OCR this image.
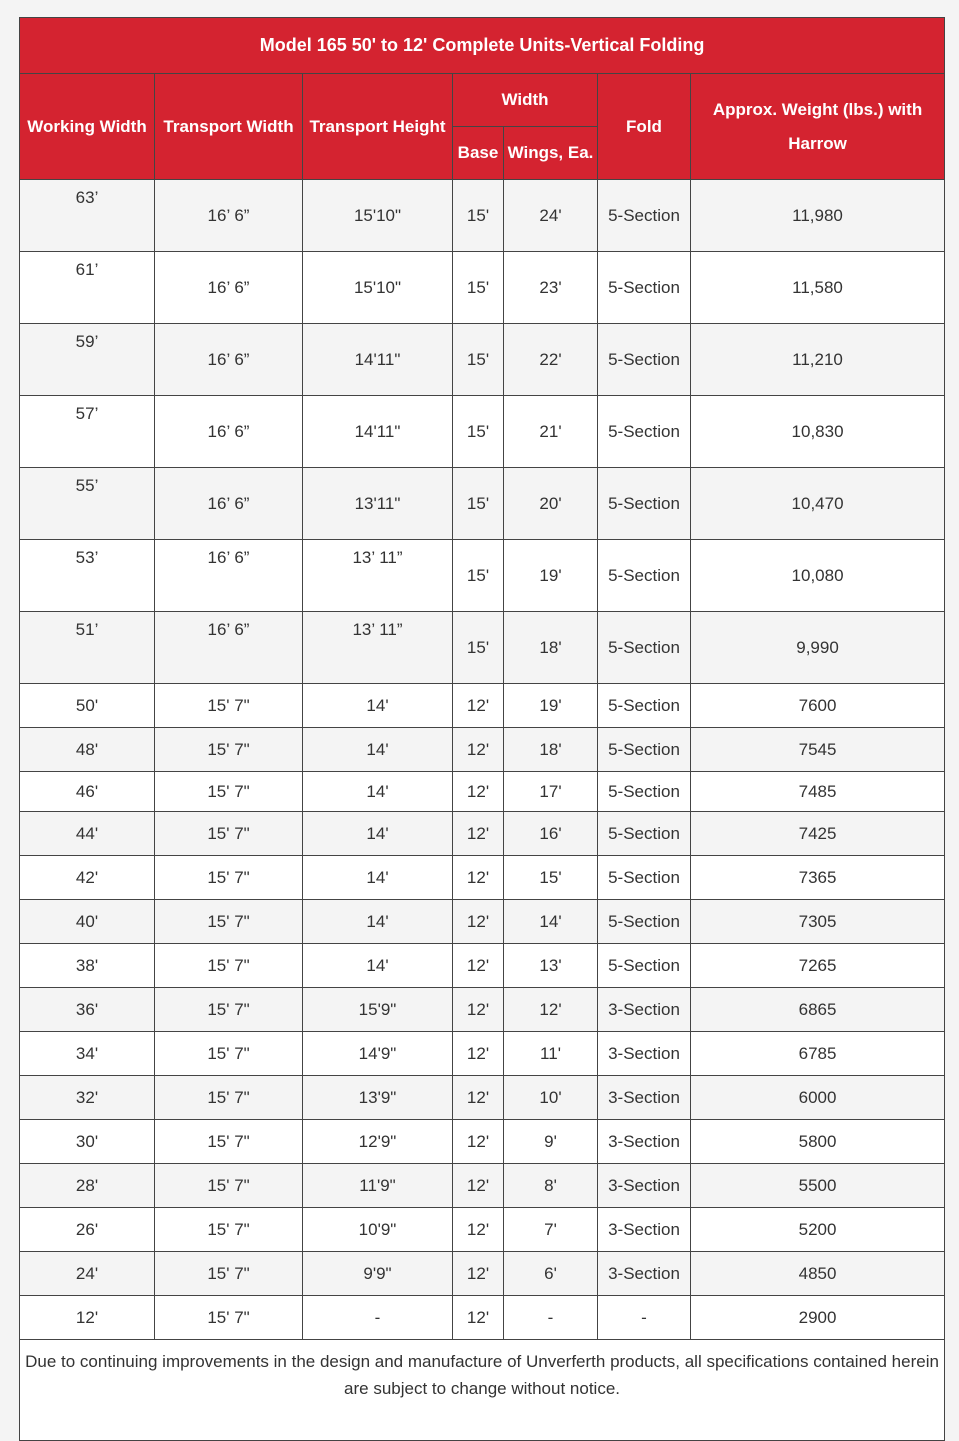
Model 165 50' to 12' Complete Units-Vertical Folding						
Working Width	Transport Width	Transport Height	Width		Fold	Approx. Weight (lbs.) with Harrow
			Base	Wings, Ea.		
63’	16’ 6”	15'10"	15'	24'	5-Section	11,980
61’	16’ 6”	15'10"	15'	23'	5-Section	11,580
59’	16’ 6”	14'11"	15'	22'	5-Section	11,210
57’	16’ 6”	14'11"	15'	21'	5-Section	10,830
55’	16’ 6”	13'11"	15'	20'	5-Section	10,470
53’	16’ 6”	13’ 11”	15'	19'	5-Section	10,080
51’	16’ 6”	13’ 11”	15'	18'	5-Section	9,990
50'	15' 7"	14'	12'	19'	5-Section	7600
48'	15' 7"	14'	12'	18'	5-Section	7545
46'	15' 7"	14'	12'	17'	5-Section	7485
44'	15' 7"	14'	12'	16'	5-Section	7425
42'	15' 7"	14'	12'	15'	5-Section	7365
40'	15' 7"	14'	12'	14'	5-Section	7305
38'	15' 7"	14'	12'	13'	5-Section	7265
36'	15' 7"	15'9"	12'	12'	3-Section	6865
34'	15' 7"	14'9"	12'	11'	3-Section	6785
32'	15' 7"	13'9"	12'	10'	3-Section	6000
30'	15' 7"	12'9"	12'	9'	3-Section	5800
28'	15' 7"	11'9"	12'	8'	3-Section	5500
26'	15' 7"	10'9"	12'	7'	3-Section	5200
24'	15' 7"	9'9"	12'	6'	3-Section	4850
12'	15' 7"	-	12'	-	-	2900
Due to continuing improvements in the design and manufacture of Unverferth products, all specifications contained herein are subject to change without notice.						
